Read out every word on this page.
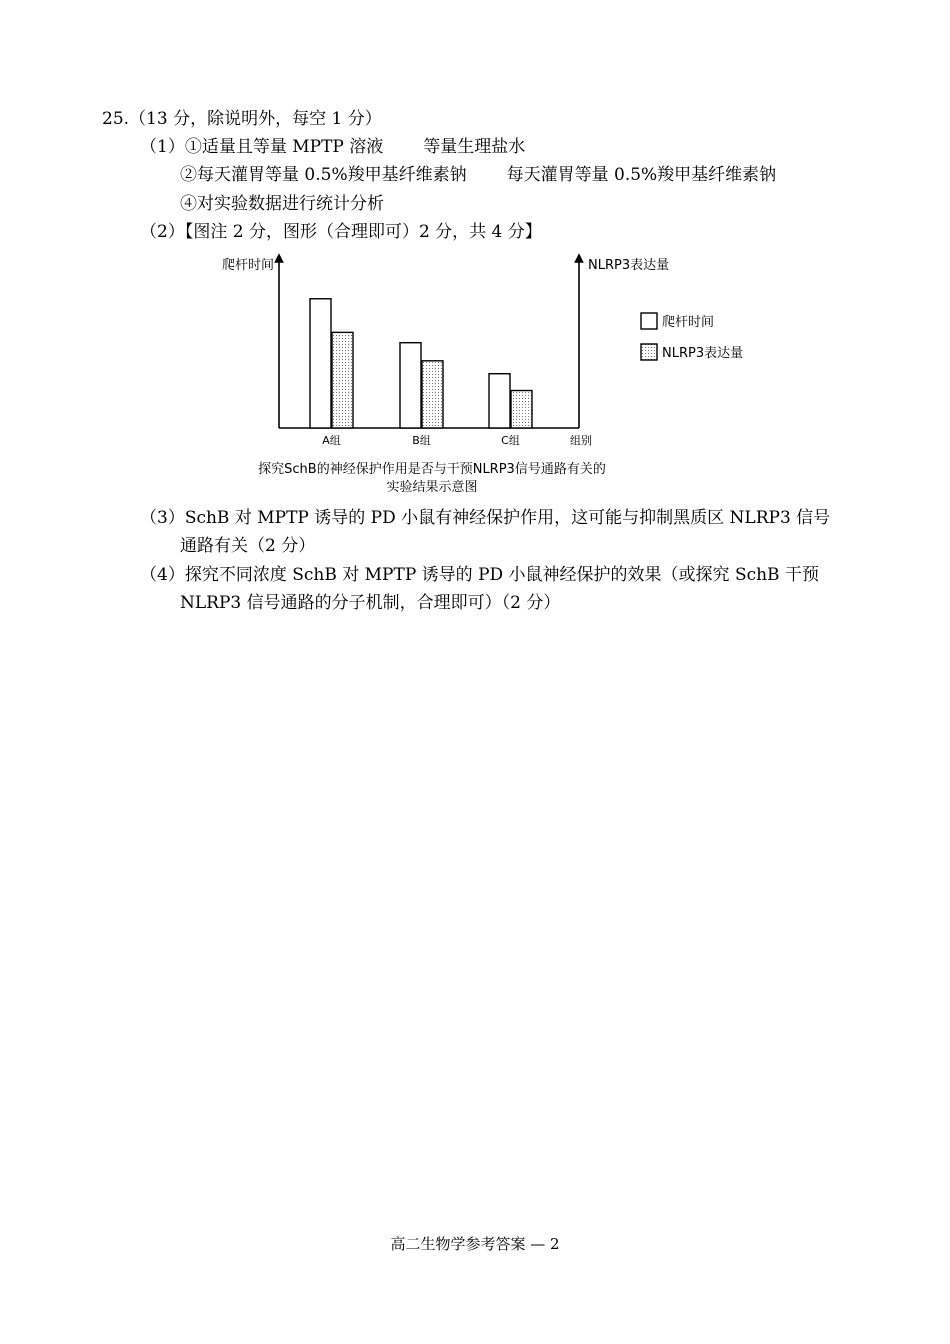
25.（13 分，除说明外，每空 1 分）
（1）①适量且等量 MPTP 溶液 等量生理盐水
②每天灌胃等量 0.5%羧甲基纤维素钠 每天灌胃等量 0.5%羧甲基纤维素钠
④对实验数据进行统计分析
（2）【图注 2 分，图形（合理即可）2 分，共 4 分】
爬杆时间	NLRP3表达量
组别
A组	B组	C组
爬杆时间
NLRP3表达量
探究SchB的神经保护作用是否与干预NLRP3信号通路有关的
实验结果示意图
（3）SchB 对 MPTP 诱导的 PD 小鼠有神经保护作用，这可能与抑制黑质区 NLRP3 信号
通路有关（2 分）
（4）探究不同浓度 SchB 对 MPTP 诱导的 PD 小鼠神经保护的效果（或探究 SchB 干预
NLRP3 信号通路的分子机制，合理即可）（2 分）
高二生物学参考答案 — 2
